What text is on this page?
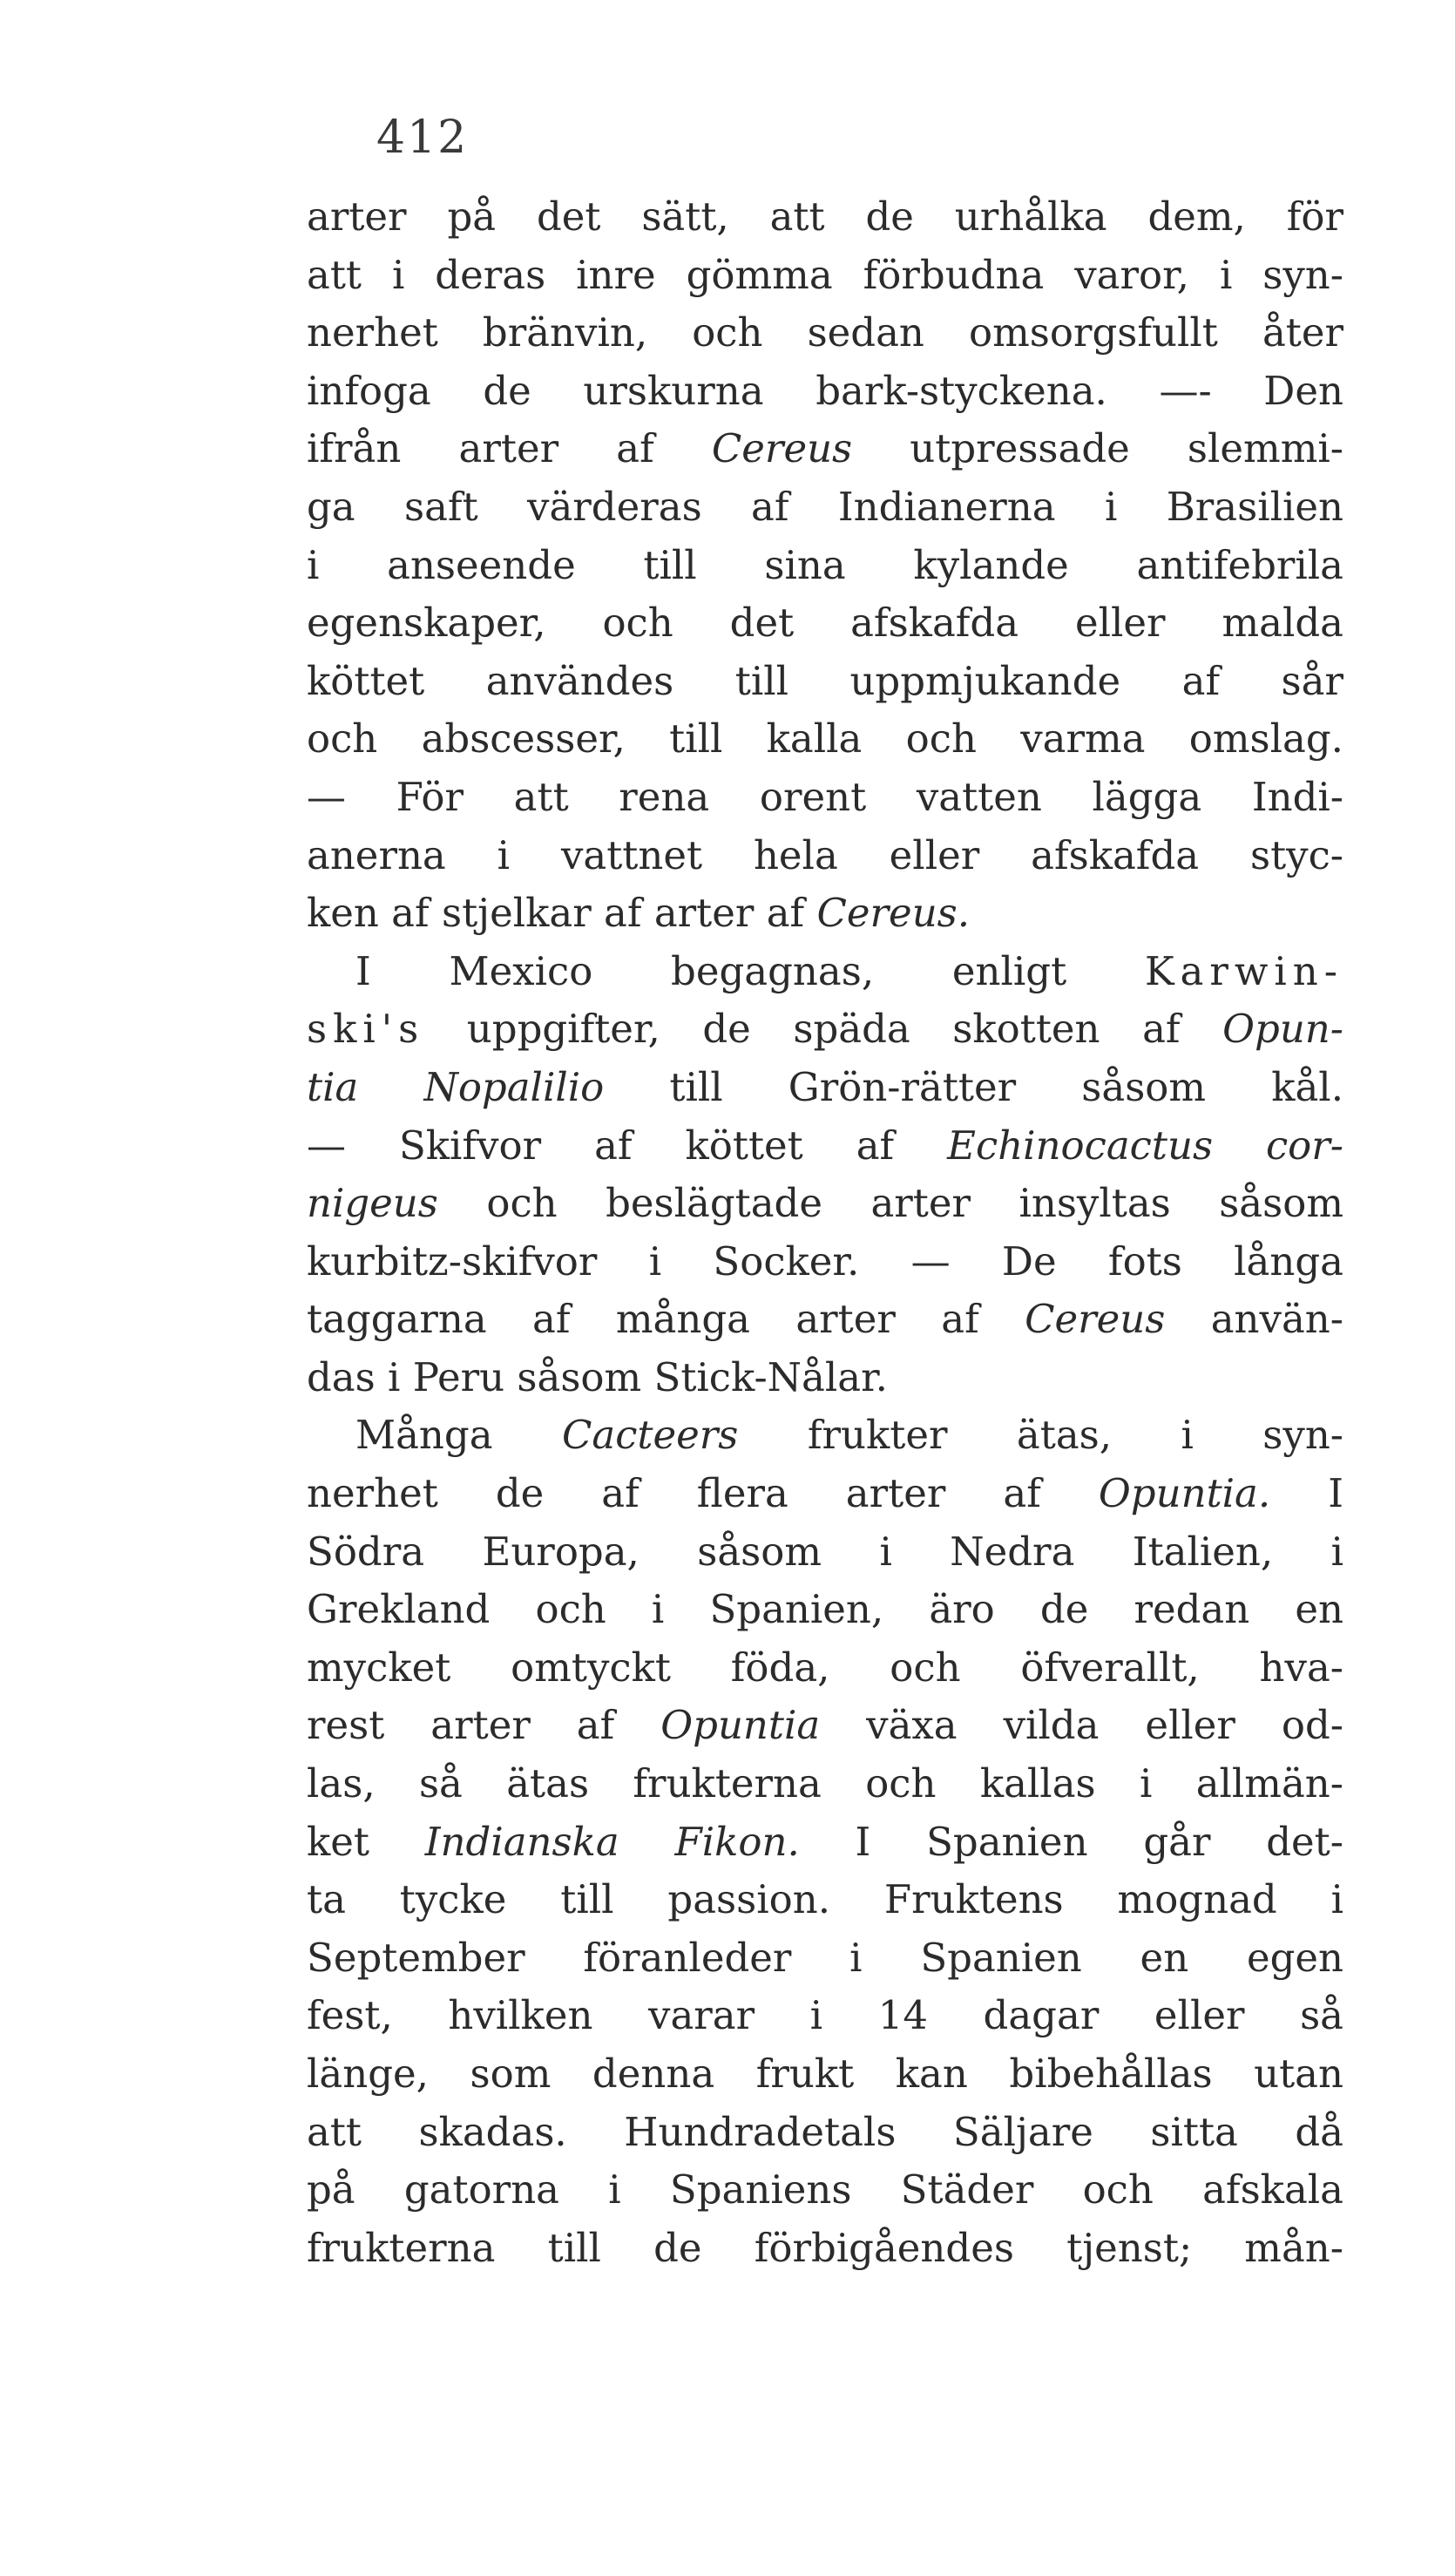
412
arter på det sätt, att de urhålka dem, för
att i deras inre gömma förbudna varor, i syn-
nerhet bränvin, och sedan omsorgsfullt åter
infoga de urskurna bark-styckena. —- Den
ifrån arter af Cereus utpressade slemmi-
ga saft värderas af Indianerna i Brasilien
i anseende till sina kylande antifebrila
egenskaper, och det afskafda eller malda
köttet användes till uppmjukande af sår
och abscesser, till kalla och varma omslag.
— För att rena orent vatten lägga Indi-
anerna i vattnet hela eller afskafda styc-
ken af stjelkar af arter af Cereus.
I Mexico begagnas, enligt Karwin-
ski's uppgifter, de späda skotten af Opun-
tia Nopalilio till Grön-rätter såsom kål.
— Skifvor af köttet af Echinocactus cor-
nigeus och beslägtade arter insyltas såsom
kurbitz-skifvor i Socker. — De fots långa
taggarna af många arter af Cereus använ-
das i Peru såsom Stick-Nålar.
Många Cacteers frukter ätas, i syn-
nerhet de af flera arter af Opuntia. I
Södra Europa, såsom i Nedra Italien, i
Grekland och i Spanien, äro de redan en
mycket omtyckt föda, och öfverallt, hva-
rest arter af Opuntia växa vilda eller od-
las, så ätas frukterna och kallas i allmän-
ket Indianska Fikon. I Spanien går det-
ta tycke till passion. Fruktens mognad i
September föranleder i Spanien en egen
fest, hvilken varar i 14 dagar eller så
länge, som denna frukt kan bibehållas utan
att skadas. Hundradetals Säljare sitta då
på gatorna i Spaniens Städer och afskala
frukterna till de förbigåendes tjenst; mån-
